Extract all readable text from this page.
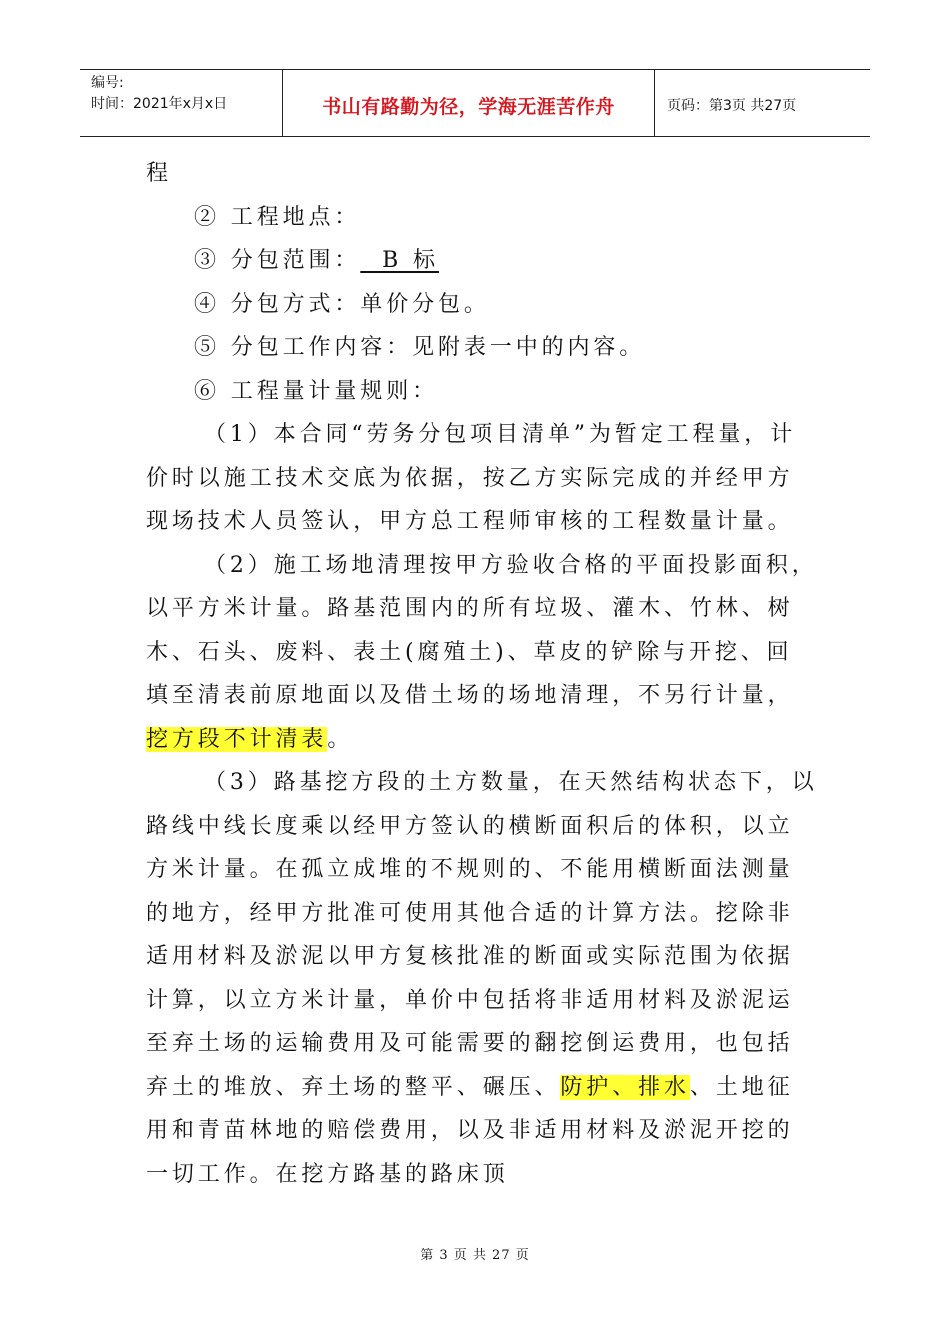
编号:
时间：2021年x月x日	书山有路勤为径，学海无涯苦作舟	页码：第3页 共27页
程
② 工程地点：
③ 分包范围：  B 标
④ 分包方式：单价分包。
⑤ 分包工作内容：见附表一中的内容。
⑥ 工程量计量规则：
（1）本合同“劳务分包项目清单”为暂定工程量，计
价时以施工技术交底为依据，按乙方实际完成的并经甲方
现场技术人员签认，甲方总工程师审核的工程数量计量。
（2）施工场地清理按甲方验收合格的平面投影面积，
以平方米计量。路基范围内的所有垃圾、灌木、竹林、树
木、石头、废料、表土(腐殖土)、草皮的铲除与开挖、回
填至清表前原地面以及借土场的场地清理，不另行计量，
挖方段不计清表。
（3）路基挖方段的土方数量，在天然结构状态下，以
路线中线长度乘以经甲方签认的横断面积后的体积，以立
方米计量。在孤立成堆的不规则的、不能用横断面法测量
的地方，经甲方批准可使用其他合适的计算方法。挖除非
适用材料及淤泥以甲方复核批准的断面或实际范围为依据
计算，以立方米计量，单价中包括将非适用材料及淤泥运
至弃土场的运输费用及可能需要的翻挖倒运费用，也包括
弃土的堆放、弃土场的整平、碾压、防护、排水、土地征
用和青苗林地的赔偿费用，以及非适用材料及淤泥开挖的
一切工作。在挖方路基的路床顶
第 3 页 共 27 页
